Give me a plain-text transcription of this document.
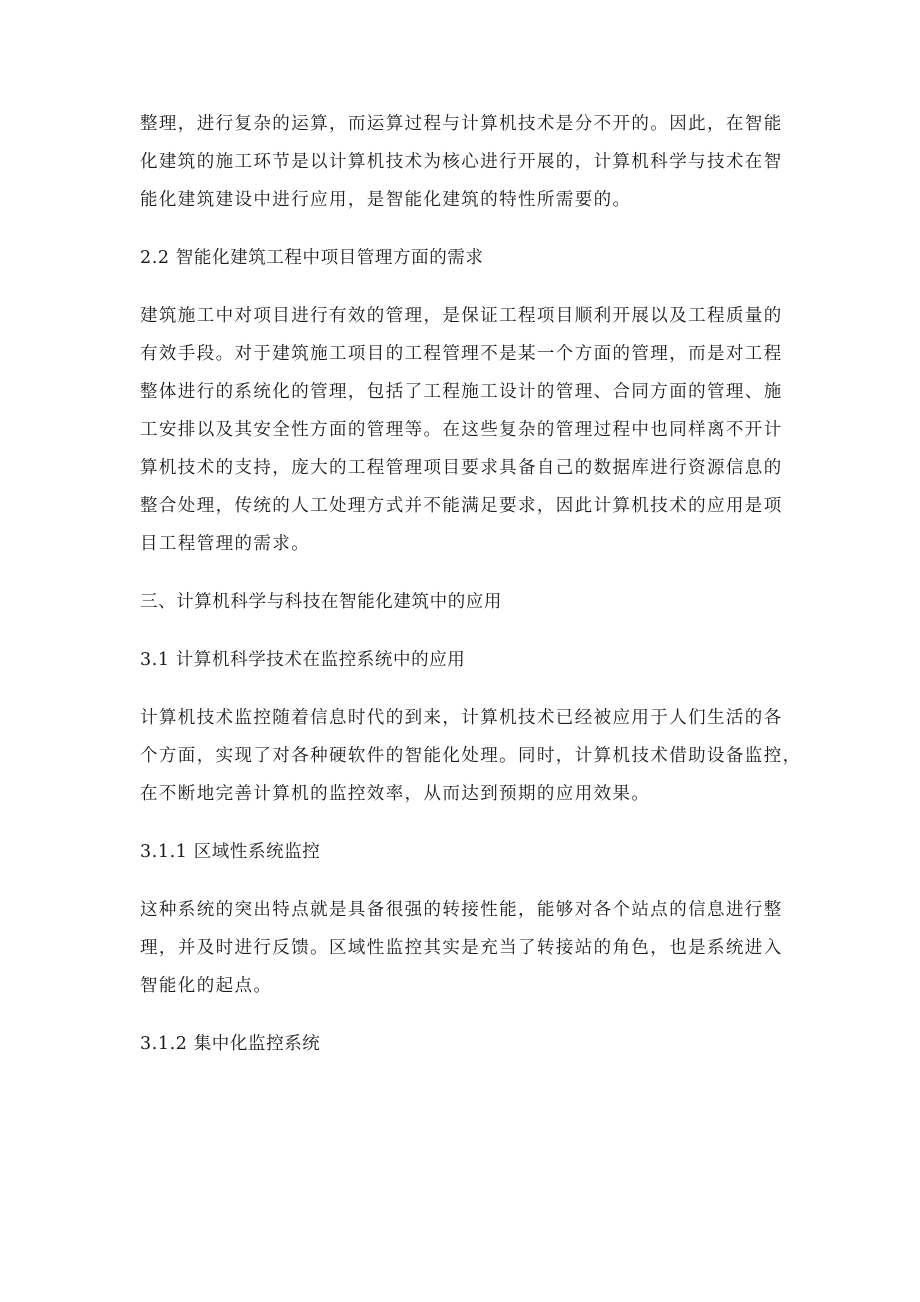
整理，进行复杂的运算，而运算过程与计算机技术是分不开的。因此，在智能
化建筑的施工环节是以计算机技术为核心进行开展的，计算机科学与技术在智
能化建筑建设中进行应用，是智能化建筑的特性所需要的。

2.2 智能化建筑工程中项目管理方面的需求

建筑施工中对项目进行有效的管理，是保证工程项目顺利开展以及工程质量的
有效手段。对于建筑施工项目的工程管理不是某一个方面的管理，而是对工程
整体进行的系统化的管理，包括了工程施工设计的管理、合同方面的管理、施
工安排以及其安全性方面的管理等。在这些复杂的管理过程中也同样离不开计
算机技术的支持，庞大的工程管理项目要求具备自己的数据库进行资源信息的
整合处理，传统的人工处理方式并不能满足要求，因此计算机技术的应用是项
目工程管理的需求。

三、计算机科学与科技在智能化建筑中的应用

3.1 计算机科学技术在监控系统中的应用

计算机技术监控随着信息时代的到来，计算机技术已经被应用于人们生活的各
个方面，实现了对各种硬软件的智能化处理。同时，计算机技术借助设备监控，
在不断地完善计算机的监控效率，从而达到预期的应用效果。

3.1.1 区域性系统监控

这种系统的突出特点就是具备很强的转接性能，能够对各个站点的信息进行整
理，并及时进行反馈。区域性监控其实是充当了转接站的角色，也是系统进入
智能化的起点。

3.1.2 集中化监控系统
